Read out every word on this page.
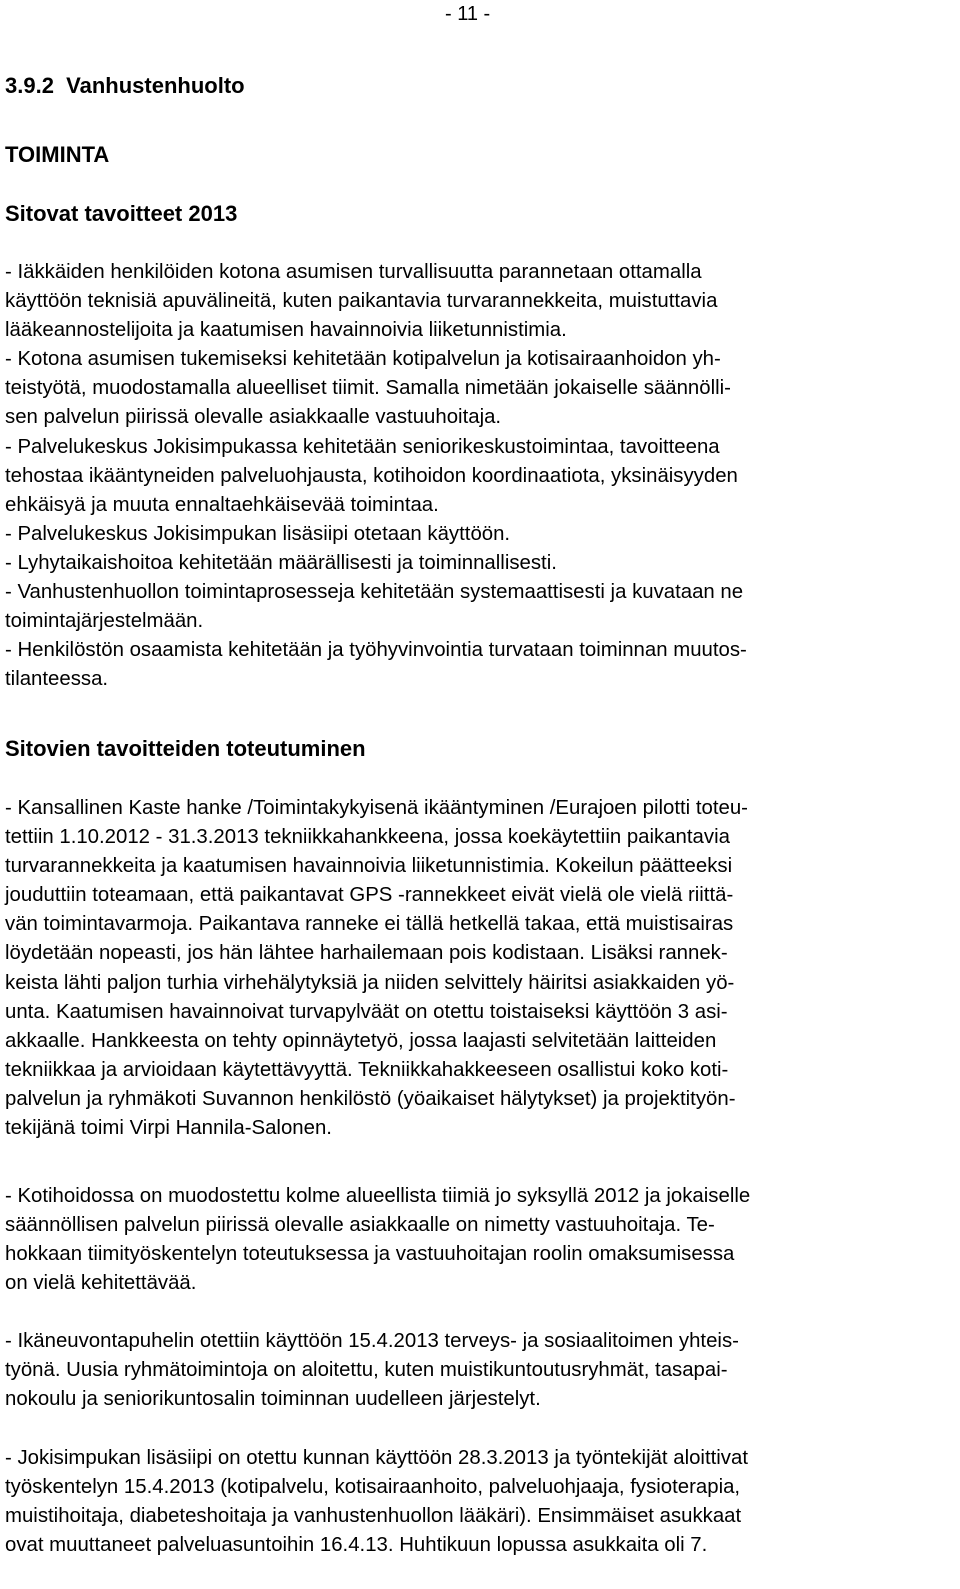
- 11 -
3.9.2  Vanhustenhuolto
TOIMINTA
Sitovat tavoitteet 2013
- Iäkkäiden henkilöiden kotona asumisen turvallisuutta parannetaan ottamalla
käyttöön teknisiä apuvälineitä, kuten paikantavia turvarannekkeita, muistuttavia
lääkeannostelijoita ja kaatumisen havainnoivia liiketunnistimia.
- Kotona asumisen tukemiseksi kehitetään kotipalvelun ja kotisairaanhoidon yh-
teistyötä, muodostamalla alueelliset tiimit. Samalla nimetään jokaiselle säännölli-
sen palvelun piirissä olevalle asiakkaalle vastuuhoitaja.
- Palvelukeskus Jokisimpukassa kehitetään seniorikeskustoimintaa, tavoitteena
tehostaa ikääntyneiden palveluohjausta, kotihoidon koordinaatiota, yksinäisyyden
ehkäisyä ja muuta ennaltaehkäisevää toimintaa.
- Palvelukeskus Jokisimpukan lisäsiipi otetaan käyttöön.
- Lyhytaikaishoitoa kehitetään määrällisesti ja toiminnallisesti.
- Vanhustenhuollon toimintaprosesseja kehitetään systemaattisesti ja kuvataan ne
toimintajärjestelmään.
- Henkilöstön osaamista kehitetään ja työhyvinvointia turvataan toiminnan muutos-
tilanteessa.
Sitovien tavoitteiden toteutuminen
- Kansallinen Kaste hanke /Toimintakykyisenä ikääntyminen /Eurajoen pilotti toteu-
tettiin 1.10.2012 - 31.3.2013 tekniikkahankkeena, jossa koekäytettiin paikantavia
turvarannekkeita ja kaatumisen havainnoivia liiketunnistimia. Kokeilun päätteeksi
jouduttiin toteamaan, että paikantavat GPS -rannekkeet eivät vielä ole vielä riittä-
vän toimintavarmoja. Paikantava ranneke ei tällä hetkellä takaa, että muistisairas
löydetään nopeasti, jos hän lähtee harhailemaan pois kodistaan. Lisäksi rannek-
keista lähti paljon turhia virhehälytyksiä ja niiden selvittely häiritsi asiakkaiden yö-
unta. Kaatumisen havainnoivat turvapylväät on otettu toistaiseksi käyttöön 3 asi-
akkaalle. Hankkeesta on tehty opinnäytetyö, jossa laajasti selvitetään laitteiden
tekniikkaa ja arvioidaan käytettävyyttä. Tekniikkahakkeeseen osallistui koko koti-
palvelun ja ryhmäkoti Suvannon henkilöstö (yöaikaiset hälytykset) ja projektityön-
tekijänä toimi Virpi Hannila-Salonen.
- Kotihoidossa on muodostettu kolme alueellista tiimiä jo syksyllä 2012 ja jokaiselle
säännöllisen palvelun piirissä olevalle asiakkaalle on nimetty vastuuhoitaja. Te-
hokkaan tiimityöskentelyn toteutuksessa ja vastuuhoitajan roolin omaksumisessa
on vielä kehitettävää.
- Ikäneuvontapuhelin otettiin käyttöön 15.4.2013 terveys- ja sosiaalitoimen yhteis-
työnä. Uusia ryhmätoimintoja on aloitettu, kuten muistikuntoutusryhmät, tasapai-
nokoulu ja seniorikuntosalin toiminnan uudelleen järjestelyt.
- Jokisimpukan lisäsiipi on otettu kunnan käyttöön 28.3.2013 ja työntekijät aloittivat
työskentelyn 15.4.2013 (kotipalvelu, kotisairaanhoito, palveluohjaaja, fysioterapia,
muistihoitaja, diabeteshoitaja ja vanhustenhuollon lääkäri). Ensimmäiset asukkaat
ovat muuttaneet palveluasuntoihin 16.4.13. Huhtikuun lopussa asukkaita oli 7.
